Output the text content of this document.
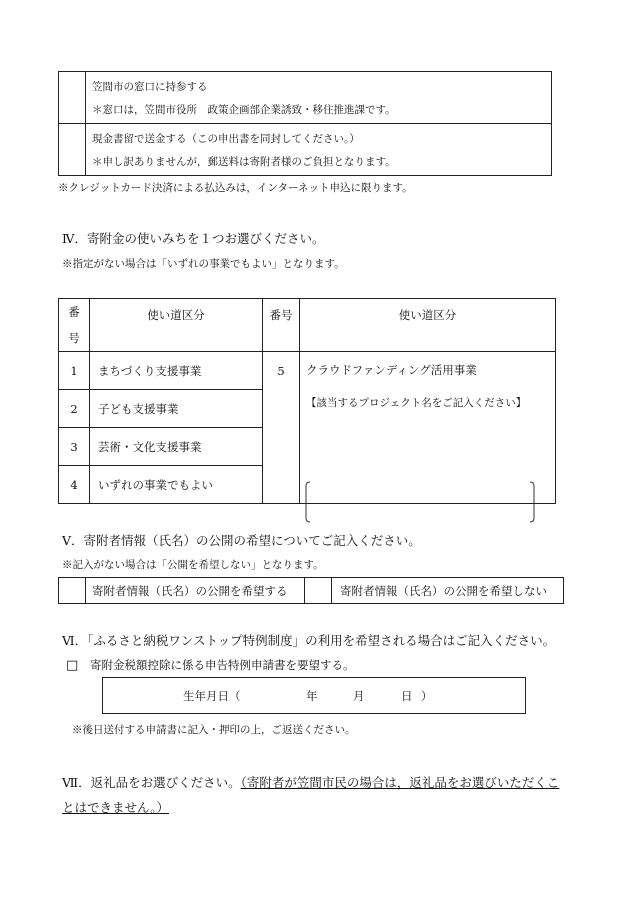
	笠間市の窓口に持参する
＊窓口は，笠間市役所　政策企画部企業誘致・移住推進課です。

	現金書留で送金する（この申出書を同封してください。）
＊申し訳ありませんが，郵送料は寄附者様のご負担となります。
※クレジットカード決済による払込みは，インターネット申込に限ります。
Ⅳ．寄附金の使いみちを１つお選びください。
※指定がない場合は「いずれの事業でもよい」となります。
番
号	使い道区分	番号	使い道区分
1	まちづくり支援事業	5	クラウドファンディング活用事業
【該当するプロジェクト名をご記入ください】

2	子ども支援事業		
3	芸術・文化支援事業		
4	いずれの事業でもよい		
Ⅴ．寄附者情報（氏名）の公開の希望についてご記入ください。
※記入がない場合は「公開を希望しない」となります。
	寄附者情報（氏名）の公開を希望する		寄附者情報（氏名）の公開を希望しない
Ⅵ．「ふるさと納税ワンストップ特例制度」の利用を希望される場合はご記入ください。
□ 寄附金税額控除に係る申告特例申請書を要望する。
生年月日（	年	月	日 ）
※後日送付する申請書に記入・押印の上，ご返送ください。
Ⅶ．返礼品をお選びください。（寄附者が笠間市民の場合は，返礼品をお選びいただくこ
とはできません。）
